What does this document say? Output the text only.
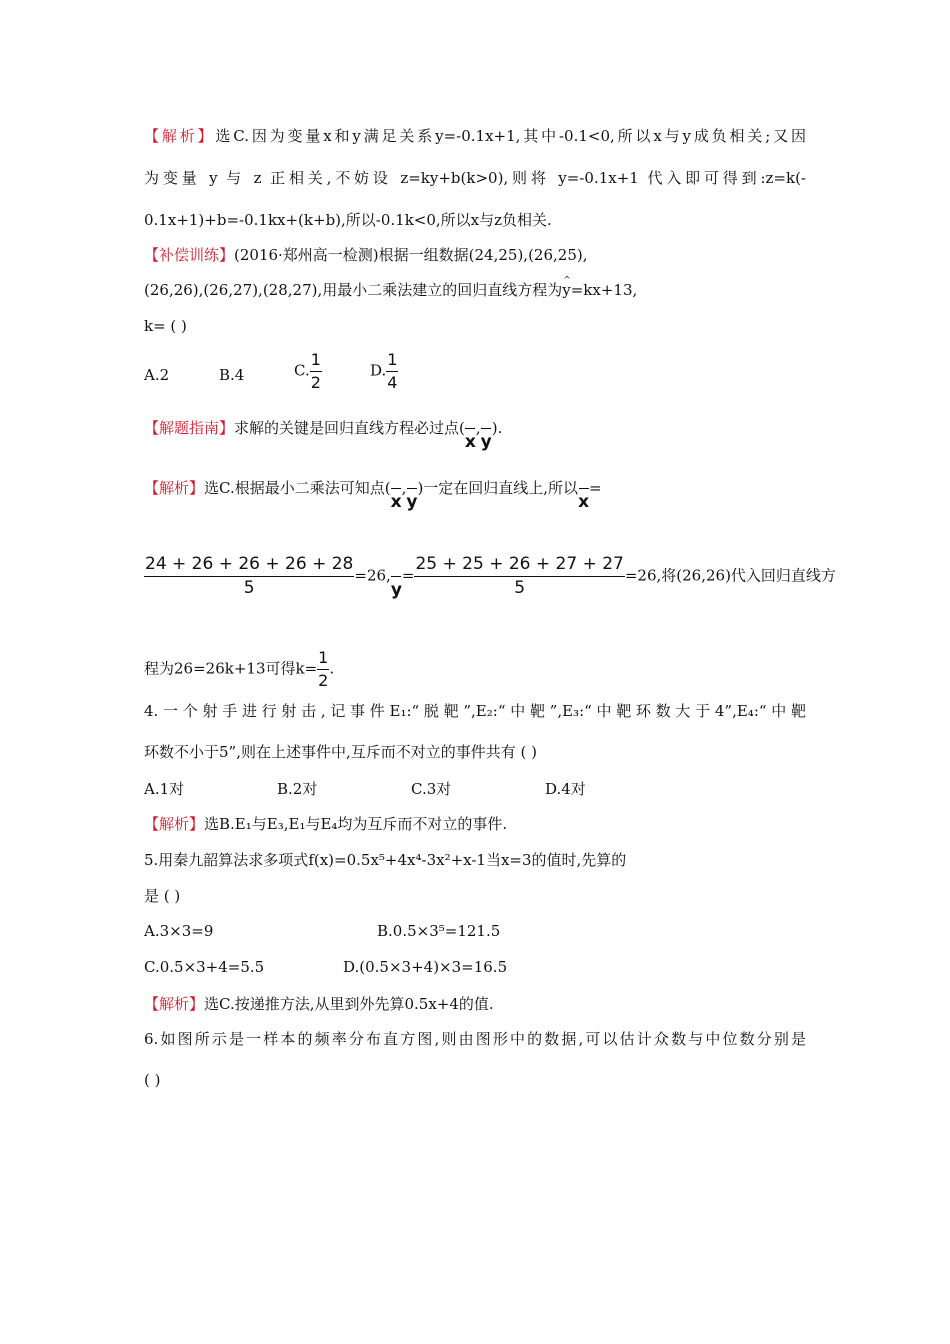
【解析】选C.因为变量x和y满足关系y=-0.1x+1,其中-0.1<0,所以x与y成负相关;又因
为变量 y 与 z 正相关,不妨设 z=ky+b(k>0),则将 y=-0.1x+1 代入即可得到:z=k(-
0.1x+1)+b=-0.1kx+(k+b),所以-0.1k<0,所以x与z负相关.
【补偿训练】(2016·郑州高一检测)根据一组数据(24,25),(26,25),
(26,26),(26,27),(28,27),用最小二乘法建立的回归直线方程为^ y=kx+13,
k= ( )
A.2	B.4	C. $\frac{1}{2}$	D. $\frac{1}{4}$
【解题指南】求解的关键是回归直线方程必过点(x,y).
【解析】选C.根据最小二乘法可知点(x,y)一定在回归直线上,所以x=
$\frac{24 + 26 + 26 + 26 + 28}{5} =26,y= \frac{25 + 25 + 26 + 27 + 27}{5} =26$,将(26,26)代入回归直线方
程为26=26k+13可得$k= \frac{1}{2}$ .
4.一个射手进行射击,记事件E₁:“脱靶”,E₂:“中靶”,E₃:“中靶环数大于4”,E₄:“中靶
环数不小于5”,则在上述事件中,互斥而不对立的事件共有 ( )
A.1对	B.2对	C.3对	D.4对
【解析】选B.E₁与E₃,E₁与E₄均为互斥而不对立的事件.
5.用秦九韶算法求多项式f(x)=0.5x⁵+4x⁴-3x²+x-1当x=3的值时,先算的
是 ( )
A.3×3=9	B.0.5×3⁵=121.5
C.0.5×3+4=5.5	D.(0.5×3+4)×3=16.5
【解析】选C.按递推方法,从里到外先算0.5x+4的值.
6.如图所示是一样本的频率分布直方图,则由图形中的数据,可以估计众数与中位数分别是
( )
